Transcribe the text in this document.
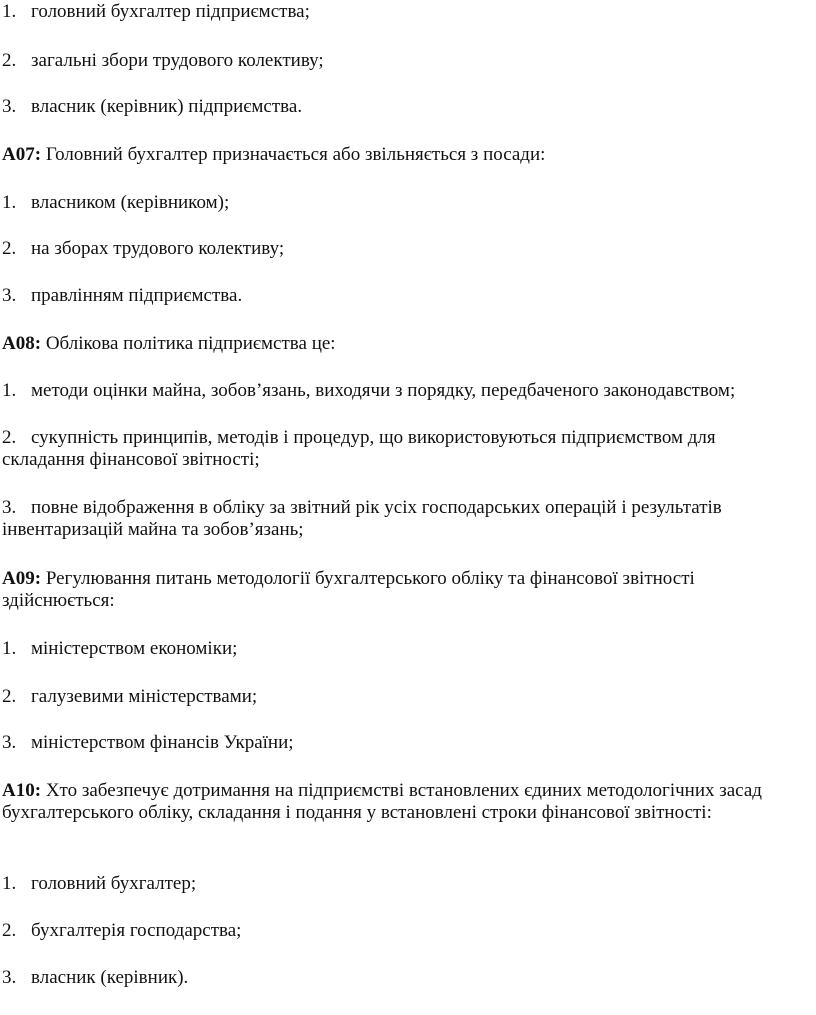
1. головний бухгалтер підприємства;
2. загальні збори трудового колективу;
3. власник (керівник) підприємства.
А07: Головний бухгалтер призначається або звільняється з посади:
1. власником (керівником);
2. на зборах трудового колективу;
3. правлінням підприємства.
А08: Облікова політика підприємства це:
1. методи оцінки майна, зобов’язань, виходячи з порядку, передбаченого законодавством;
2. сукупність принципів, методів і процедур, що використовуються підприємством для складання фінансової звітності;
3. повне відображення в обліку за звітний рік усіх господарських операцій і результатів інвентаризацій майна та зобов’язань;
А09: Регулювання питань методології бухгалтерського обліку та фінансової звітності здійснюється:
1. міністерством економіки;
2. галузевими міністерствами;
3. міністерством фінансів України;
А10: Хто забезпечує дотримання на підприємстві встановлених єдиних методологічних засад бухгалтерського обліку, складання і подання у встановлені строки фінансової звітності:
1. головний бухгалтер;
2. бухгалтерія господарства;
3. власник (керівник).
